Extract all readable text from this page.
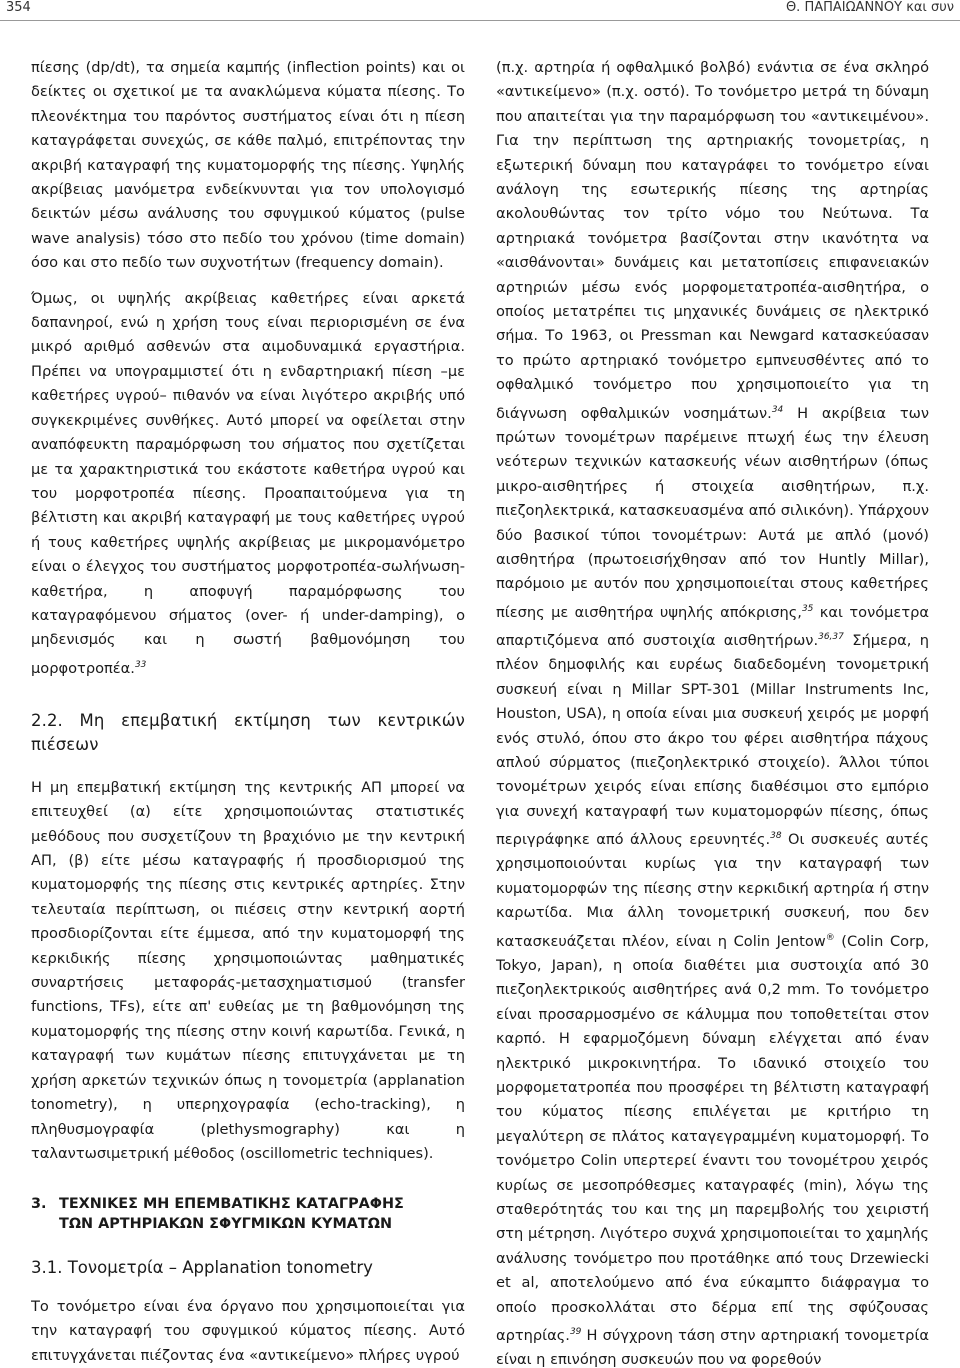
354	Θ. ΠΑΠΑΪΩΑΝΝΟΥ και συν

πίεσης (dp/dt), τα σημεία καμπής (inflection points) και οι δείκτες οι σχετικοί με τα ανακλώμενα κύματα πίεσης. Το πλεονέκτημα του παρόντος συστήματος είναι ότι η πίεση καταγράφεται συνεχώς, σε κάθε παλμό, επιτρέποντας την ακριβή καταγραφή της κυματομορφής της πίεσης. Υψηλής ακρίβειας μανόμετρα ενδείκνυνται για τον υπολογισμό δεικτών μέσω ανάλυσης του σφυγμικού κύματος (pulse wave analysis) τόσο στο πεδίο του χρόνου (time domain) όσο και στο πεδίο των συχνοτήτων (frequency domain).

Όμως, οι υψηλής ακρίβειας καθετήρες είναι αρκετά δαπανηροί, ενώ η χρήση τους είναι περιορισμένη σε ένα μικρό αριθμό ασθενών στα αιμοδυναμικά εργαστήρια. Πρέπει να υπογραμμιστεί ότι η ενδαρτηριακή πίεση –με καθετήρες υγρού– πιθανόν να είναι λιγότερο ακριβής υπό συγκεκριμένες συνθήκες. Αυτό μπορεί να οφείλεται στην αναπόφευκτη παραμόρφωση του σήματος που σχετίζεται με τα χαρακτηριστικά του εκάστοτε καθετήρα υγρού και του μορφοτροπέα πίεσης. Προαπαιτούμενα για τη βέλτιστη και ακριβή καταγραφή με τους καθετήρες υγρού ή τους καθετήρες υψηλής ακρίβειας με μικρομανόμετρο είναι ο έλεγχος του συστήματος μορφοτροπέα-σωλήνωση-καθετήρα, η αποφυγή παραμόρφωσης του καταγραφόμενου σήματος (over- ή under-damping), ο μηδενισμός και η σωστή βαθμονόμηση του μορφοτροπέα.$^{33}$

2.2. Μη επεμβατική εκτίμηση των κεντρικών πιέσεων

Η μη επεμβατική εκτίμηση της κεντρικής ΑΠ μπορεί να επιτευχθεί (α) είτε χρησιμοποιώντας στατιστικές μεθόδους που συσχετίζουν τη βραχιόνιο με την κεντρική ΑΠ, (β) είτε μέσω καταγραφής ή προσδιορισμού της κυματομορφής της πίεσης στις κεντρικές αρτηρίες. Στην τελευταία περίπτωση, οι πιέσεις στην κεντρική αορτή προσδιορίζονται είτε έμμεσα, από την κυματομορφή της κερκιδικής πίεσης χρησιμοποιώντας μαθηματικές συναρτήσεις μεταφοράς-μετασχηματισμού (transfer functions, TFs), είτε απ' ευθείας με τη βαθμονόμηση της κυματομορφής της πίεσης στην κοινή καρωτίδα. Γενικά, η καταγραφή των κυμάτων πίεσης επιτυγχάνεται με τη χρήση αρκετών τεχνικών όπως η τονομετρία (applanation tonometry), η υπερηχογραφία (echo-tracking), η πληθυσμογραφία (plethysmography) και η ταλαντωσιμετρική μέθοδος (oscillometric techniques).

3. ΤΕΧΝΙΚΕΣ ΜΗ ΕΠΕΜΒΑΤΙΚΗΣ ΚΑΤΑΓΡΑΦΗΣ
ΤΩΝ ΑΡΤΗΡΙΑΚΩΝ ΣΦΥΓΜΙΚΩΝ ΚΥΜΑΤΩΝ

3.1. Τονομετρία – Applanation tonometry

Το τονόμετρο είναι ένα όργανο που χρησιμοποιείται για την καταγραφή του σφυγμικού κύματος πίεσης. Αυτό επιτυγχάνεται πιέζοντας ένα «αντικείμενο» πλήρες υγρού

(π.χ. αρτηρία ή οφθαλμικό βολβό) ενάντια σε ένα σκληρό «αντικείμενο» (π.χ. οστό). Το τονόμετρο μετρά τη δύναμη που απαιτείται για την παραμόρφωση του «αντικειμένου». Για την περίπτωση της αρτηριακής τονομετρίας, η εξωτερική δύναμη που καταγράφει το τονόμετρο είναι ανάλογη της εσωτερικής πίεσης της αρτηρίας ακολουθώντας τον τρίτο νόμο του Νεύτωνα. Τα αρτηριακά τονόμετρα βασίζονται στην ικανότητα να «αισθάνονται» δυνάμεις και μετατοπίσεις επιφανειακών αρτηριών μέσω ενός μορφομετατροπέα-αισθητήρα, ο οποίος μετατρέπει τις μηχανικές δυνάμεις σε ηλεκτρικό σήμα. Το 1963, οι Pressman και Newgard κατασκεύασαν το πρώτο αρτηριακό τονόμετρο εμπνευσθέντες από το οφθαλμικό τονόμετρο που χρησιμοποιείτο για τη διάγνωση οφθαλμικών νοσημάτων.$^{34}$ Η ακρίβεια των πρώτων τονομέτρων παρέμεινε πτωχή έως την έλευση νεότερων τεχνικών κατασκευής νέων αισθητήρων (όπως μικρο-αισθητήρες ή στοιχεία αισθητήρων, π.χ. πιεζοηλεκτρικά, κατασκευασμένα από σιλικόνη). Υπάρχουν δύο βασικοί τύποι τονομέτρων: Αυτά με απλό (μονό) αισθητήρα (πρωτοεισήχθησαν από τον Huntly Millar), παρόμοιο με αυτόν που χρησιμοποιείται στους καθετήρες πίεσης με αισθητήρα υψηλής απόκρισης,$^{35}$ και τονόμετρα απαρτιζόμενα από συστοιχία αισθητήρων.$^{36,37}$ Σήμερα, η πλέον δημοφιλής και ευρέως διαδεδομένη τονομετρική συσκευή είναι η Millar SPT-301 (Millar Instruments Inc, Houston, USA), η οποία είναι μια συσκευή χειρός με μορφή ενός στυλό, όπου στο άκρο του φέρει αισθητήρα πάχους απλού σύρματος (πιεζοηλεκτρικό στοιχείο). Άλλοι τύποι τονομέτρων χειρός είναι επίσης διαθέσιμοι στο εμπόριο για συνεχή καταγραφή των κυματομορφών πίεσης, όπως περιγράφηκε από άλλους ερευνητές.$^{38}$ Οι συσκευές αυτές χρησιμοποιούνται κυρίως για την καταγραφή των κυματομορφών της πίεσης στην κερκιδική αρτηρία ή στην καρωτίδα. Μια άλλη τονομετρική συσκευή, που δεν κατασκευάζεται πλέον, είναι η Colin Jentow® (Colin Corp, Tokyo, Japan), η οποία διαθέτει μια συστοιχία από 30 πιεζοηλεκτρικούς αισθητήρες ανά 0,2 mm. Το τονόμετρο είναι προσαρμοσμένο σε κάλυμμα που τοποθετείται στον καρπό. Η εφαρμοζόμενη δύναμη ελέγχεται από έναν ηλεκτρικό μικροκινητήρα. Το ιδανικό στοιχείο του μορφομετατροπέα που προσφέρει τη βέλτιστη καταγραφή του κύματος πίεσης επιλέγεται με κριτήριο τη μεγαλύτερη σε πλάτος καταγεγραμμένη κυματομορφή. Το τονόμετρο Colin υπερτερεί έναντι του τονομέτρου χειρός κυρίως σε μεσοπρόθεσμες καταγραφές (min), λόγω της σταθερότητάς του και της μη παρεμβολής του χειριστή στη μέτρηση. Λιγότερο συχνά χρησιμοποιείται το χαμηλής ανάλυσης τονόμετρο που προτάθηκε από τους Drzewiecki et al, αποτελούμενο από ένα εύκαμπτο διάφραγμα το οποίο προσκολλάται στο δέρμα επί της σφύζουσας αρτηρίας.$^{39}$ Η σύγχρονη τάση στην αρτηριακή τονομετρία είναι η επινόηση συσκευών που να φορεθούν
